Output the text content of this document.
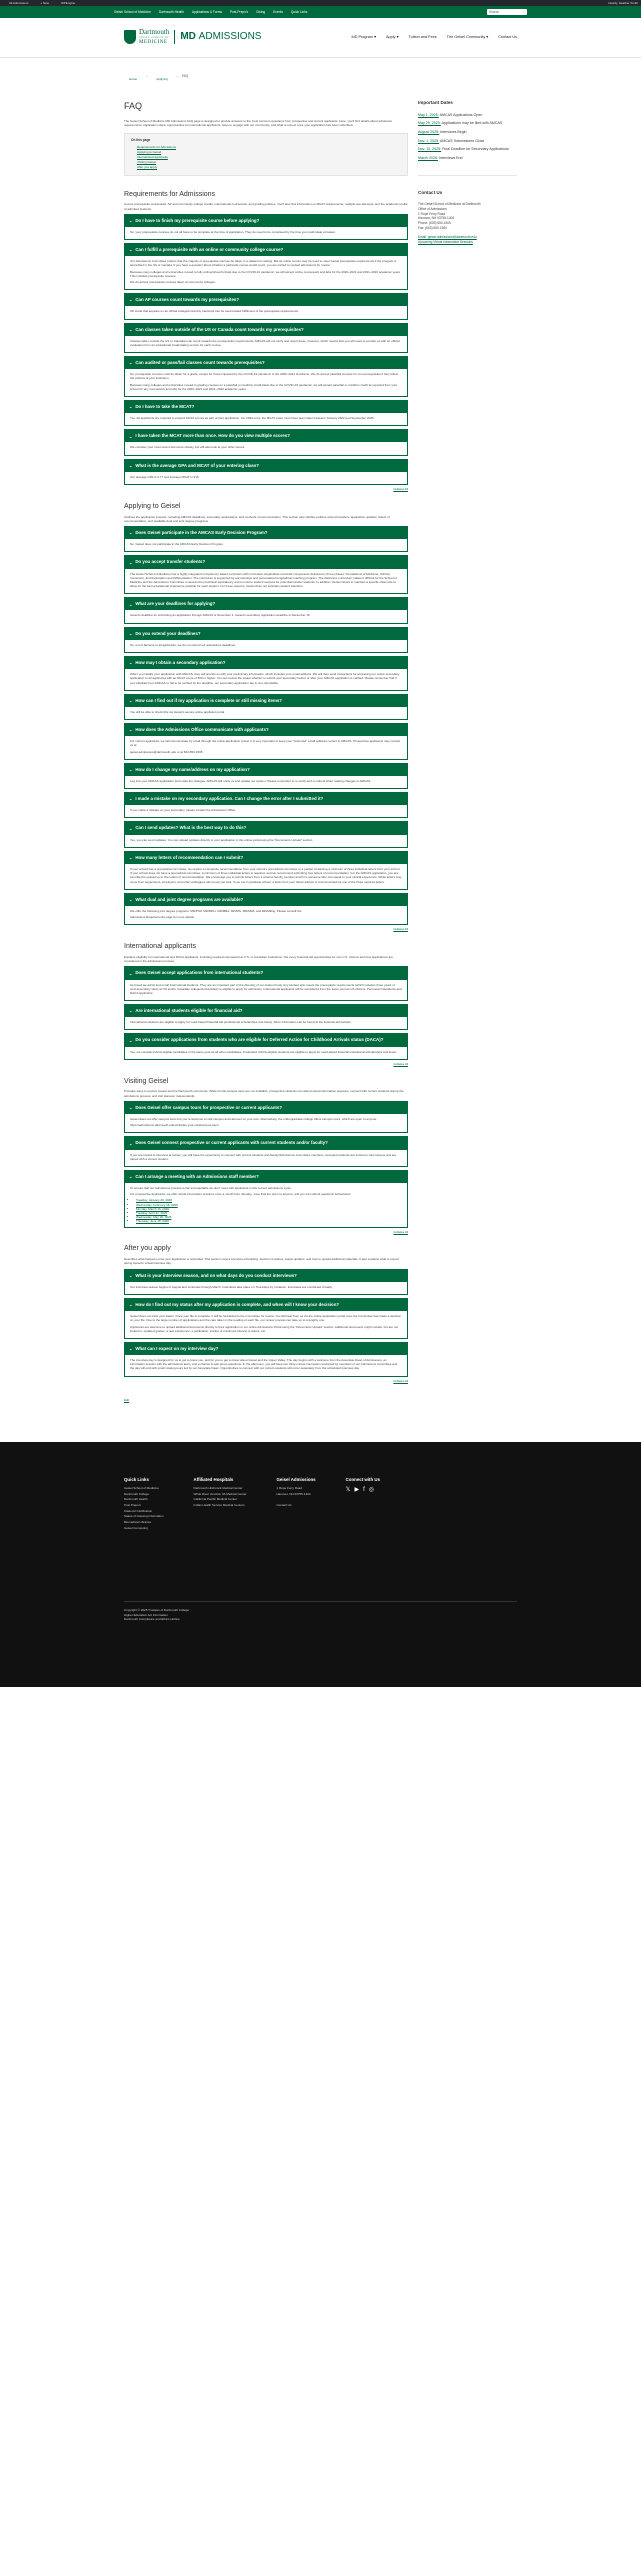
All Admissions	+ New	WPEngine	Howdy, Heather Smith
Geisel School of Medicine	Dartmouth Health	Applications & Forms	Post-Prepo's	Giving	Events	Quick Links	Search	⌕
Dartmouth
GEISEL SCHOOL OF
MEDICINE
MD ADMISSIONS	MD Program ▾	Apply ▾	Tuition and Fees	The Geisel Community ▾	Contact Us
Home
→
Applying
→ FAQ
FAQ

The Geisel School of Medicine MD Admissions FAQ page is designed to provide answers to the most common questions from prospective and current applicants. Here, you'll find details about admission requirements, application steps, opportunities for international applicants, ways to engage with our community, and what to expect once your application has been submitted.

On this page
Requirements for Admissions
Applying to Geisel
International applicants
Visiting Geisel
After you apply
Requirements for Admissions

Covers prerequisite coursework, AP and community college credits, international coursework, and grading policies. You'll also find information on MCAT requirements, multiple test attempts, and the academic profile of admitted students.

⌄ Do I have to finish my prerequisite course before applying?

No, your prerequisite courses do not all have to be complete at the time of application. They do need to be completed by the time you matriculate at Geisel.

⌄ Can I fulfill a prerequisite with an online or community college course?

Our Admissions Committee prefers that the majority of prerequisite courses be taken in a classroom setting. But as online course may be used to meet Geisel prerequisite requirements if the program is accredited in the US or Canada. If you have a question about whether a particular course would count, you are invited to contact admissions for review.

Because many colleges and universities moved to fully online/virtual formats due to the COVID-19 pandemic, we will accept online coursework and labs for the 2020–2021 and 2021–2022 academic years. This includes prerequisite courses.

We do accept prerequisite courses taken at community colleges.

⌄ Can AP courses count towards my prerequisites?

AP credit that appears on an official college/university transcript can be used toward fulfillment of the prerequisite requirements.

⌄ Can classes taken outside of the US or Canada count towards my prerequisites?

Classes taken outside the US or Canadian can count towards the prerequisites requirements. AMCAS will not verify and report these, however, which means that you will need to provide us with an official evaluation from an educational credentialing service for each course.

⌄ Can audited or pass/fail classes count towards prerequisites?

No, prerequisite courses must be taken for a grade, except for those impacted by the COVID-19 pandemic in the 2020–2021 timeframe. We do accept pass/fail courses for non-prerequisites if they follow the policies of your institution.

Because many colleges and universities moved to grading courses on a pass/fail or credit/no credit basis due to the COVID-19 pandemic, we will accept pass/fail or credit/no credit as reported from your school for any coursework and labs for the 2020–2021 and 2021–2022 academic years.

⌄ Do I have to take the MCAT?

Yes. All applicants are required to present MCAT scores as part of their application. For 2026 entry, the MCAT exam must have been taken between January 2022 and September 2025.

⌄ I have taken the MCAT more than once. How do you view multiple scores?

We consider your most recent test score closely, but will also look at your other scores.

⌄ What is the average GPA and MCAT of your entering class?

Our average GPA is 3.77 and average MCAT is 516.

Collapse All
Applying to Geisel

Outlines the application process, including AMCAS deadlines, secondary applications, and methods of communication. This section also clarifies policies around transfers, application updates, letters of recommendation, and available dual and joint degree programs.

⌄ Does Geisel participate in the AMCAS Early Decision Program?

No, Geisel does not participate in the AMCAS Early Decision Program.

⌄ Do you accept transfer students?

The Geisel School of Medicine has a highly integrated competency-based curriculum with immersive longitudinal curricular components delivered in three phases: Foundations of Medicine, Clinical Immersion, and Exploration and Differentiation. The curriculum is supported by our intensive and personalized longitudinal coaching program. The distinctive curriculum makes it difficult for the School of Medicine and the Admissions Committee to assess the preclinical equivalency and to ensure student success for potential transfer students. In addition, Geisel strives to maintain a specific class size to allow for the best educational experience possible for each student. For these reasons, Geisel does not entertain student transfers.

⌄ What are your deadlines for applying?

Geisel's deadline for submitting an application through AMCAS is November 1. Geisel's secondary application deadline is December 15.

⌄ Do you extend your deadlines?

No, out of fairness to all applicants, we do not extend our admissions deadlines.

⌄ How may I obtain a secondary application?

When you initially your application with AMCAS, they will provide us with your preliminary information, which includes your email address. We will then send instructions for accessing our online secondary application to all applicants with an MCAT score of 500 or higher. You can review the status whether to submit your secondary before or after your AMCAS application is verified. Please remember that if you withdraw from AMCAS or fail to be verified by the deadline, our secondary application fee is non-refundable.

⌄ How can I find out if my application is complete or still missing items?

You will be able to check this via Geisel's secure online applicant portal.

⌄ How does the Admissions Office communicate with applicants?

For current applicants, we will communicate by email through the online application portal. It is very important to keep your "preferred" email address current in AMCAS. Prospective applicants may contact us at

geisel.admissions@dartmouth.edu or at 603-650-1505.

⌄ How do I change my name/address on my application?

Log into your AMCAS application and make the changes. AMCAS will notify us and update our system. Please remember to re-verify and re-submit when making changes in AMCAS.

⌄ I made a mistake on my secondary application. Can I change the error after I submitted it?

If you make a mistake on your secondary, please contact the Admissions Office.

⌄ Can I send updates? What is the best way to do this?

Yes, you can send updates. You can upload updates directly to your application in the online portal using the "Documents Upload" section.

⌄ How many letters of recommendation can I submit?

If your school has a premedical committee, we require a composite recommendation from your school's premedical committee or a packet containing a minimum of three individual letters from your school. If your school does not have a premedical committee, a minimum of three individual letters is required, and we recommend submitting four letters of recommendation. For the AMCAS application, you are permitted to upload up to five letters of recommendation. We encourage you to submit letters from a science faculty member and from someone who can speak to your clinical experience. While letters may come from supervisors, employers, and other colleagues who know you well. If you are in graduate school, a letter from your thesis advisor is recommended as one of the three required letters.

⌄ What dual and joint degree programs are available?

We offer the following joint degree programs: MD/PhD, MD/MPH, MD/MBA, MD/MS, MD/MPA, and MD/MEng. Please consult the

Admissions Requirements page for more details.

Collapse All
International applicants

Explains eligibility for international and DACA applicants, including required coursework at U.S. or Canadian institutions. Not every financial aid opportunities for non-U.S. citizens and how applications are considered in the admissions process.

⌄ Does Geisel accept applications from international students?

As breed we admit and enroll international students. They are an important part of the diversity of our student body. Any student who meets the prerequisite requirements (which includes three years of post-secondary study at US and/or Canadian colleges/universities) is eligible to apply for admission. International applicants will be considered from the same pool as US citizens, Permanent Residents and DACA applicants.

⌄ Are international students eligible for financial aid?

International students are eligible to apply for need-based financial aid (institutional scholarships and loans). More information can be found at the financial aid website.

⌄ Do you consider applications from students who are eligible for Deferred Action for Childhood Arrivals status (DACA)?

Yes, we consider DACA-eligible candidates in the same pool as all other candidates. If admitted, DACA-eligible students are eligible to apply for need-based financial institutional scholarships and loans.

Collapse All
Visiting Geisel

Provides ways to explore Geisel and the Dartmouth community. While formal campus tours are not available, prospective students can attend virtual information sessions, connect with current students during the admissions process, and visit Hanover independently.

⌄ Does Geisel offer campus tours for prospective or current applicants?

Geisel does not offer campus tours but you're welcome to visit campus and Hanover on your own. Alternatively, the undergraduate college offers campus tours, which are open to anyone:

https://admissions.dartmouth.edu/visit/plan-your-visit/campus-tours

⌄ Does Geisel connect prospective or current applicants with current students and/or faculty?

If you are invited to interview at Geisel, you will have the opportunity to connect with current students and faculty/Admissions Committee members. Accepted students are invited to visit campus and are paired with a current student.

⌄ Can I arrange a meeting with an Admissions staff member?

To ensure that our Admissions process is fair and equitable we don't meet with applicants in this current admissions cycle.

For prospective applicants, we offer virtual information sessions once a month from January- June that are open to anyone, and you can submit questions beforehand:

• Tuesday, January 20, 2026
• Wednesday, February 18, 2026
• Monday, March 16, 2026
• Tuesday, April 21, 2026
• Wednesday, May 20, 2026
• Thursday, June 18, 2026
Collapse All
After you apply

Describes what happens once your application is submitted. This section covers interview scheduling, decision timelines, status updates, and how to upload additional materials. It also explains what to expect during Geisel's virtual interview day.

⌄ What is your interview season, and on what days do you conduct interviews?

Our interview season begins in August and continues through March. Interviews take place on Thursdays by invitation. Interviews are conducted virtually.

⌄ How do I find out my status after my application is complete, and when will I know your decision?

Geisel does not track your status. Once your file is complete, it will be forwarded to the Committee for review. You will hear from us via the online application portal once the Committee has made a decision on your file. Due to the large number of applications and the care taken in the reading of each file, our review process can take up to a lengthy one.

Applicants are welcome to upload additional documents directly to their application in our online Admissions Portal using the "Documents Upload" section. Additional documents might include, but are not limited to, updated grades, a new experience, a publication, a letter of continued interest or letters, etc.

⌄ What can I expect on my interview day?

The interview day is designed for us to get to know you, and for you to get to know about Geisel and the Upper Valley. The day begins with a welcome from the Associate Dean of Admissions, an information session with the admissions team, and a chance to ask group questions. In the afternoon, you will have two thirty-minute interviews conducted by members of our Admissions Committee and the day will end with small rotating tours led by our Associate Dean. Opportunities to connect with our current students will occur separately from the scheduled interview day.

Collapse All
Edit
Important Dates
May 1, 2025: AMCAS Applications Open
May 29, 2025: Applications may be filed with AMCAS
August 2025: Interviews Begin
Nov. 1, 2025: AMCAS Submissions Close
Nov. 15, 2025: Final Deadline for Secondary Applications
March 2026: Interviews End
Contact Us

The Geisel School of Medicine at Dartmouth
Office of Admissions
1 Rope Ferry Road
Hanover, NH 03755-1404
Phone: (603) 650-1505
Fax: (603) 650-1560

Email: geisel.admissions@dartmouth.edu
Upcoming Virtual Information Sessions

Quick Links
Geisel School of Medicine
Dartmouth College
Dartmouth Health
Post Prepo's
Class Act Notification
Status of Housing Information
Biomedical Libraries
Geisel Computing
Affiliated Hospitals
Dartmouth Hitchcock Medical Center
White River Junction VA Medical Center
California Pacific Medical Center
Indian Health Service Medical Centers
Geisel Admissions
1 Rope Ferry Road
Hanover, NH 03755-1404

Contact Us
Connect with Us
𝕏 ▶ f ◎
Copyright © 2025 Trustees of Dartmouth College
Higher Education Act Information
Dartmouth Compliance and Ethics Hotline
